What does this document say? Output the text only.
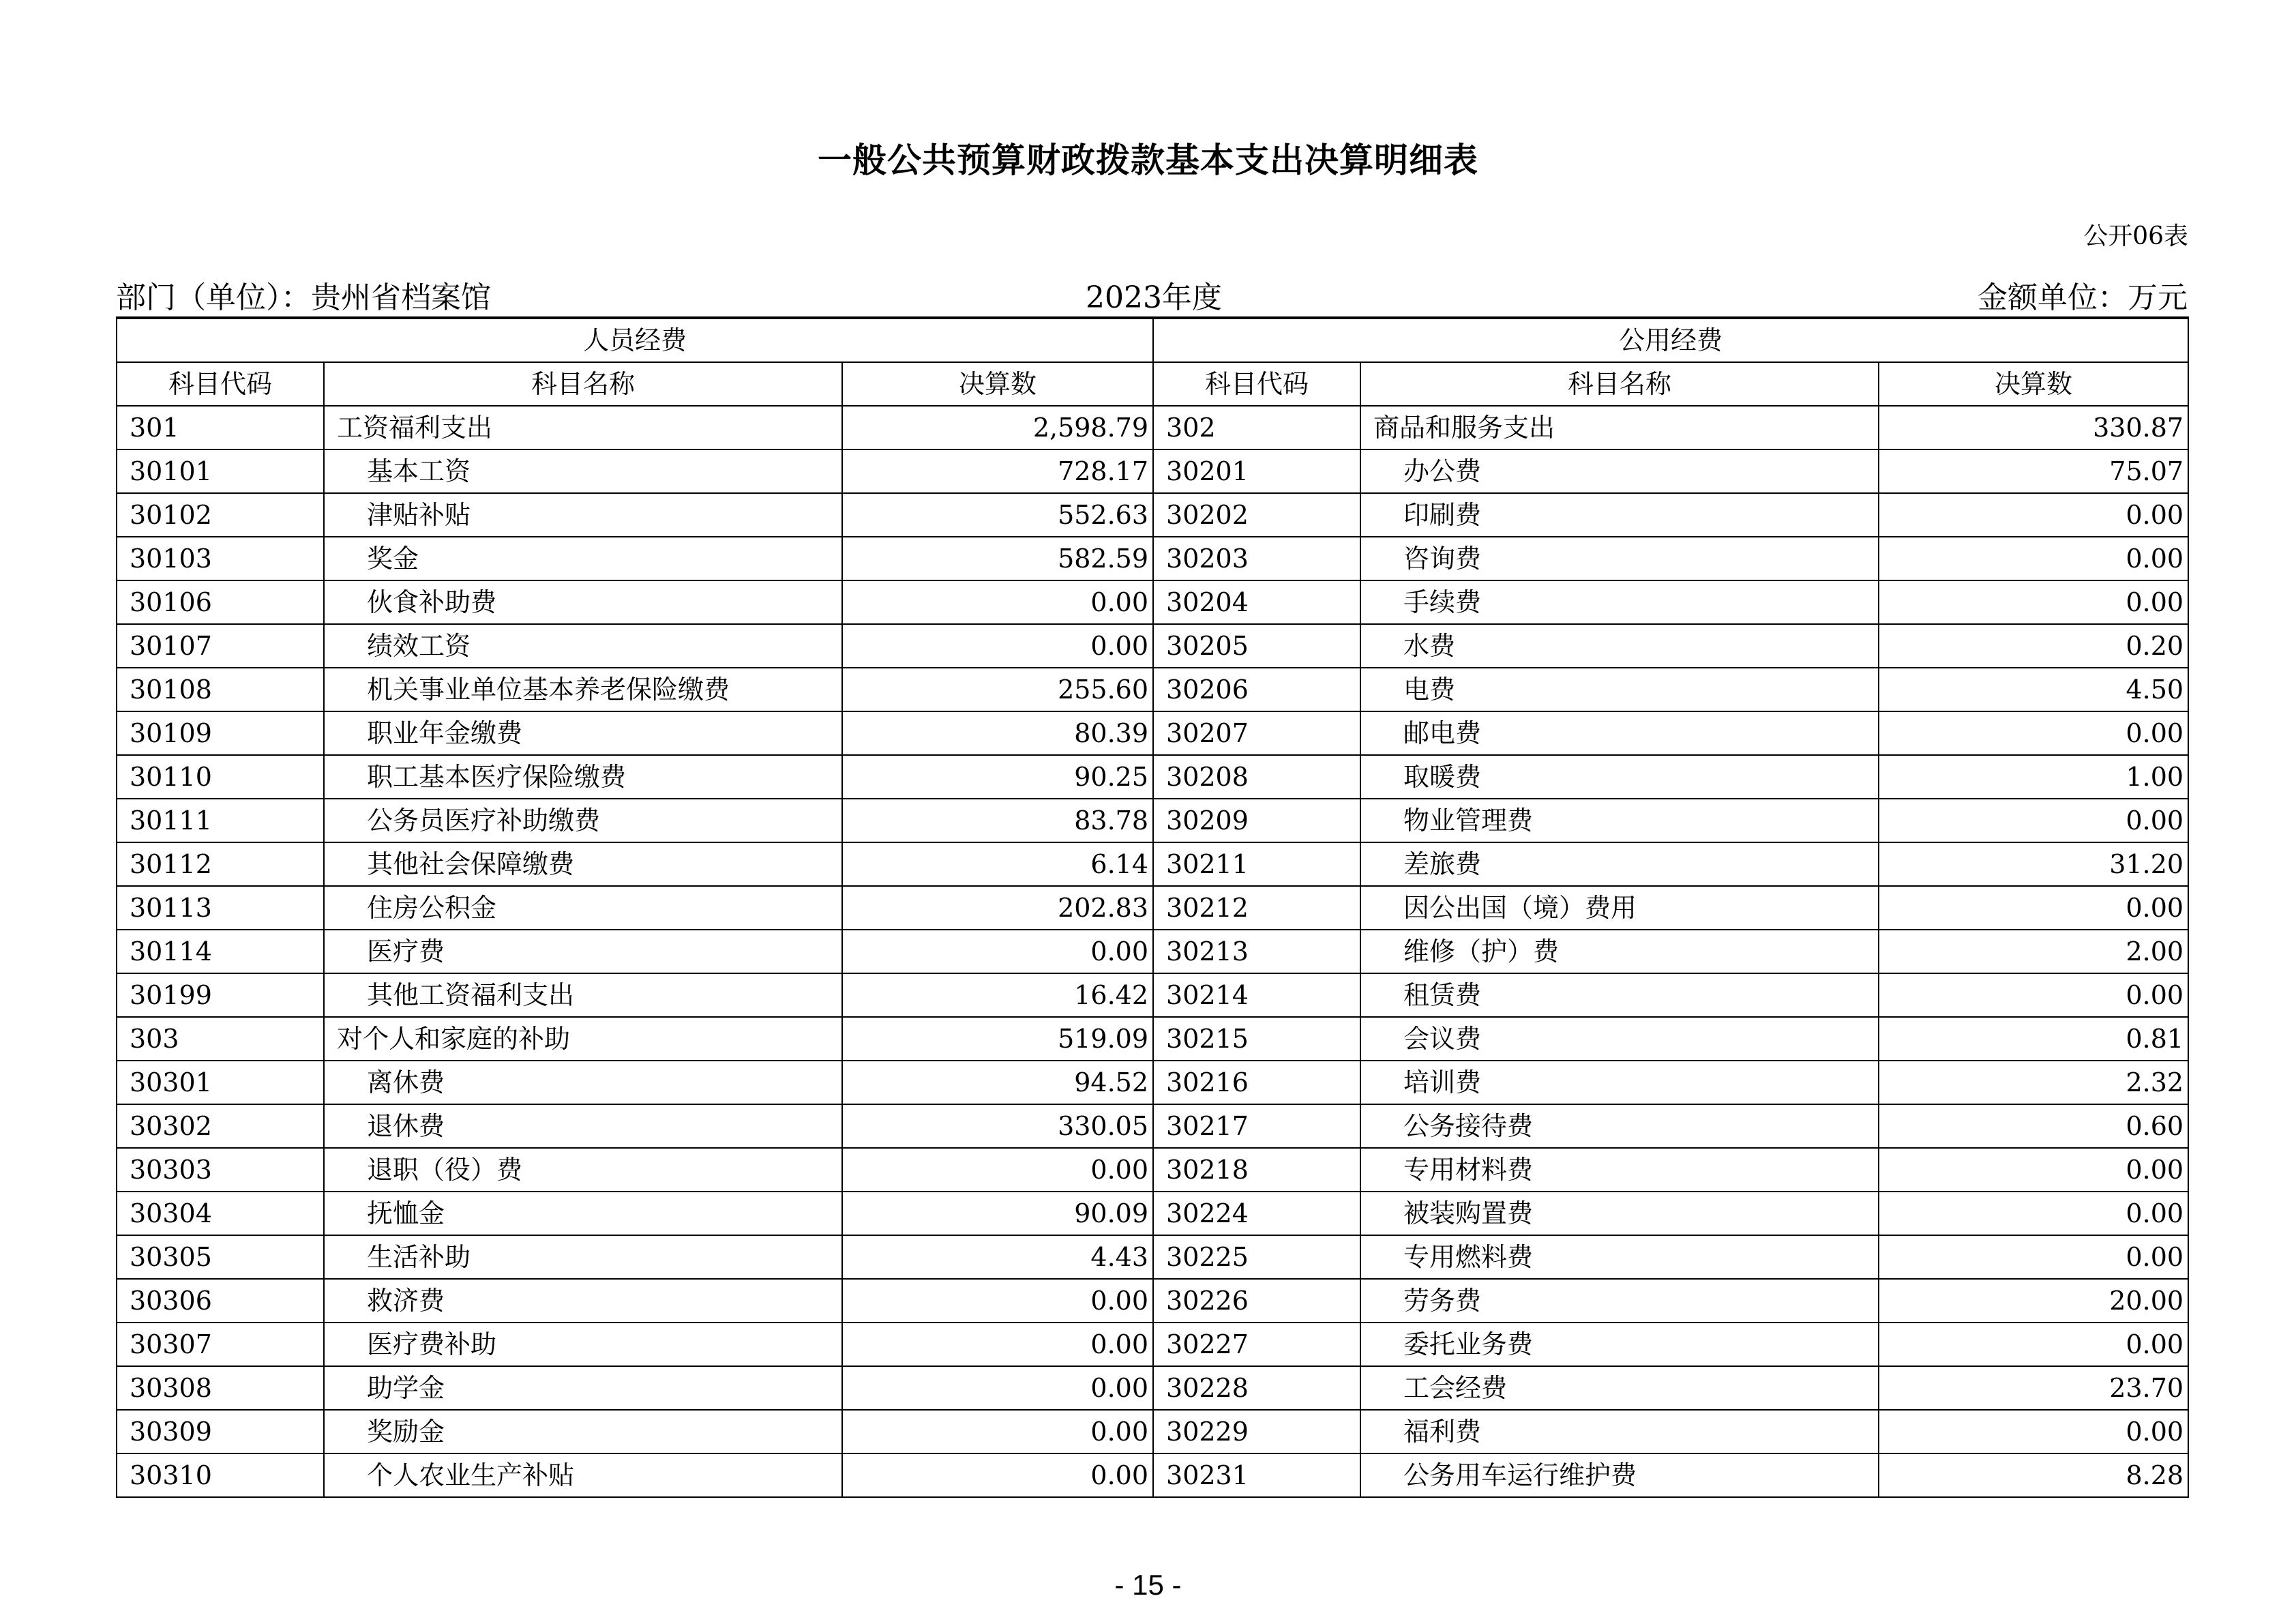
一般公共预算财政拨款基本支出决算明细表
公开06表
部门（单位）：贵州省档案馆	2023年度	金额单位：万元
人员经费			公用经费		
科目代码	科目名称	决算数	科目代码	科目名称	决算数
301	工资福利支出	2,598.79	302	商品和服务支出	330.87
30101	基本工资	728.17	30201	办公费	75.07
30102	津贴补贴	552.63	30202	印刷费	0.00
30103	奖金	582.59	30203	咨询费	0.00
30106	伙食补助费	0.00	30204	手续费	0.00
30107	绩效工资	0.00	30205	水费	0.20
30108	机关事业单位基本养老保险缴费	255.60	30206	电费	4.50
30109	职业年金缴费	80.39	30207	邮电费	0.00
30110	职工基本医疗保险缴费	90.25	30208	取暖费	1.00
30111	公务员医疗补助缴费	83.78	30209	物业管理费	0.00
30112	其他社会保障缴费	6.14	30211	差旅费	31.20
30113	住房公积金	202.83	30212	因公出国（境）费用	0.00
30114	医疗费	0.00	30213	维修（护）费	2.00
30199	其他工资福利支出	16.42	30214	租赁费	0.00
303	对个人和家庭的补助	519.09	30215	会议费	0.81
30301	离休费	94.52	30216	培训费	2.32
30302	退休费	330.05	30217	公务接待费	0.60
30303	退职（役）费	0.00	30218	专用材料费	0.00
30304	抚恤金	90.09	30224	被装购置费	0.00
30305	生活补助	4.43	30225	专用燃料费	0.00
30306	救济费	0.00	30226	劳务费	20.00
30307	医疗费补助	0.00	30227	委托业务费	0.00
30308	助学金	0.00	30228	工会经费	23.70
30309	奖励金	0.00	30229	福利费	0.00
30310	个人农业生产补贴	0.00	30231	公务用车运行维护费	8.28
- 15 -
